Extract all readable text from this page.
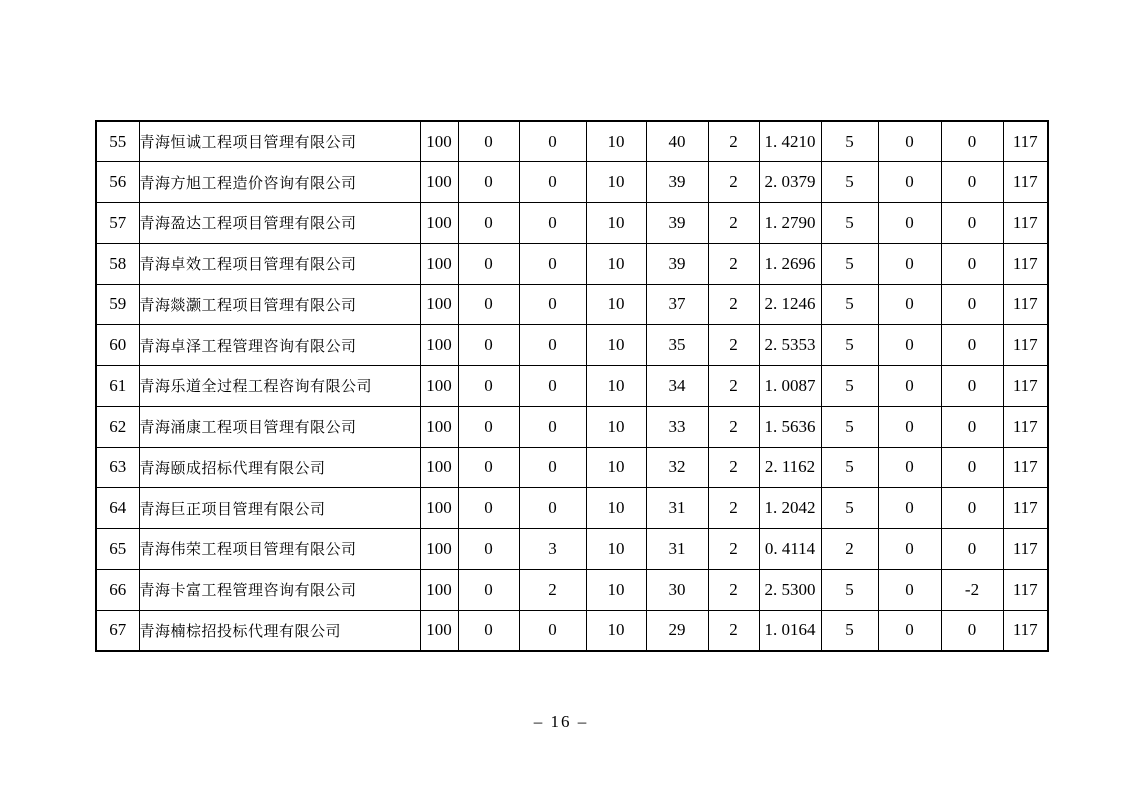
55	青海恒诚工程项目管理有限公司	100	0	0	10	40	2	1. 4210	5	0	0	117
56	青海方旭工程造价咨询有限公司	100	0	0	10	39	2	2. 0379	5	0	0	117
57	青海盈达工程项目管理有限公司	100	0	0	10	39	2	1. 2790	5	0	0	117
58	青海卓效工程项目管理有限公司	100	0	0	10	39	2	1. 2696	5	0	0	117
59	青海燚灏工程项目管理有限公司	100	0	0	10	37	2	2. 1246	5	0	0	117
60	青海卓泽工程管理咨询有限公司	100	0	0	10	35	2	2. 5353	5	0	0	117
61	青海乐道全过程工程咨询有限公司	100	0	0	10	34	2	1. 0087	5	0	0	117
62	青海涌康工程项目管理有限公司	100	0	0	10	33	2	1. 5636	5	0	0	117
63	青海颐成招标代理有限公司	100	0	0	10	32	2	2. 1162	5	0	0	117
64	青海巨正项目管理有限公司	100	0	0	10	31	2	1. 2042	5	0	0	117
65	青海伟荣工程项目管理有限公司	100	0	3	10	31	2	0. 4114	2	0	0	117
66	青海卡富工程管理咨询有限公司	100	0	2	10	30	2	2. 5300	5	0	-2	117
67	青海楠棕招投标代理有限公司	100	0	0	10	29	2	1. 0164	5	0	0	117
– 16 –
